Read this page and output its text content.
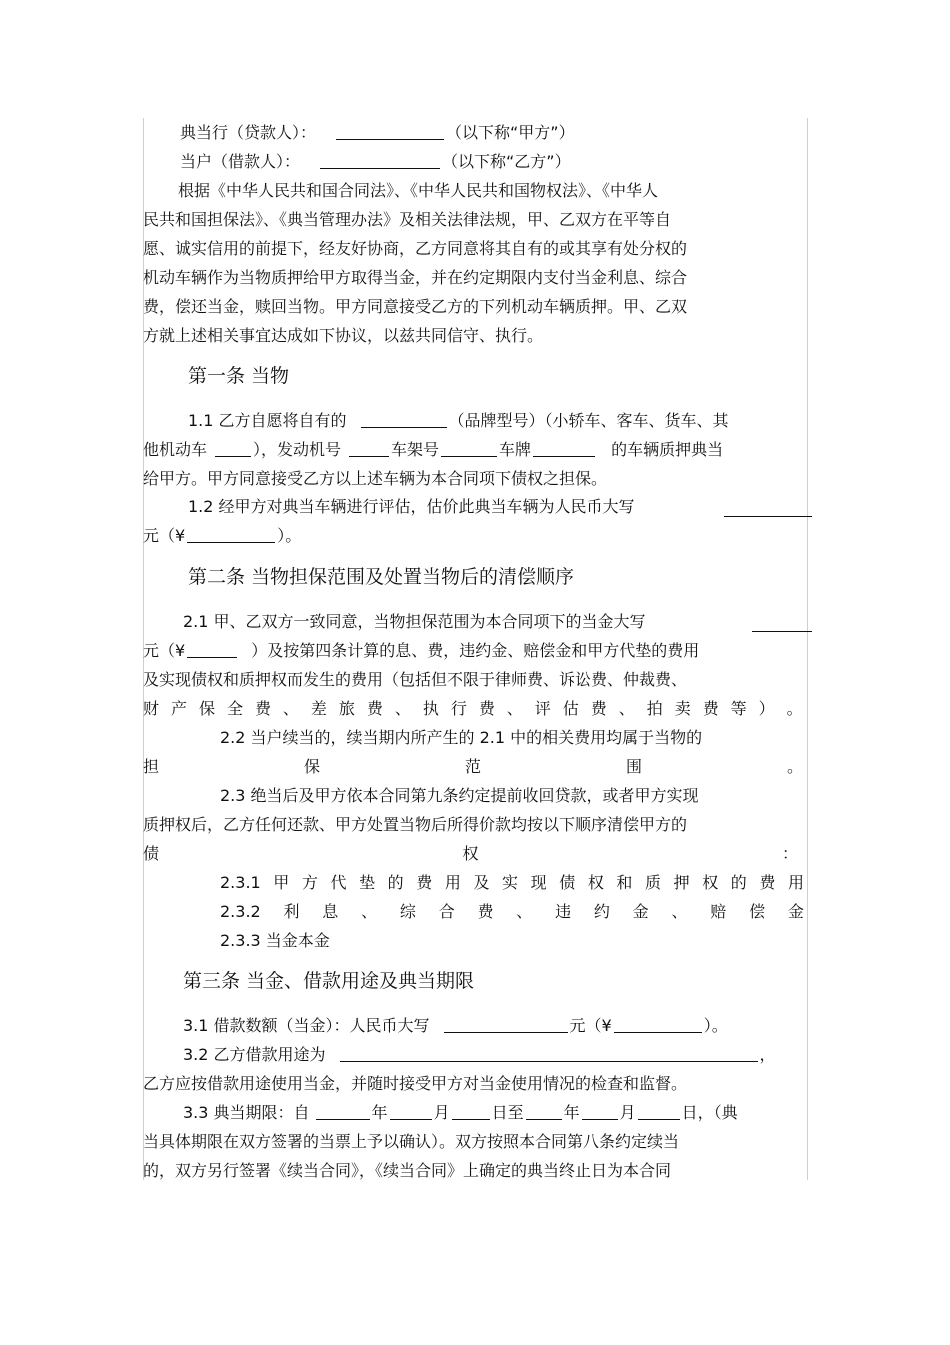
典当行（贷款人）：	（以下称“甲方”）
当户（借款人）：	（以下称“乙方”）
根据《中华人民共和国合同法》、《中华人民共和国物权法》、《中华人
民共和国担保法》、《典当管理办法》及相关法律法规，甲、乙双方在平等自
愿、诚实信用的前提下，经友好协商，乙方同意将其自有的或其享有处分权的
机动车辆作为当物质押给甲方取得当金，并在约定期限内支付当金利息、综合
费，偿还当金，赎回当物。甲方同意接受乙方的下列机动车辆质押。甲、乙双
方就上述相关事宜达成如下协议，以兹共同信守、执行。
第一条 当物
1.1 乙方自愿将自有的	（品牌型号）（小轿车、客车、货车、其
他机动车	），发动机号	车架号	车牌	的车辆质押典当
给甲方。甲方同意接受乙方以上述车辆为本合同项下债权之担保。
1.2 经甲方对典当车辆进行评估，估价此典当车辆为人民币大写
元（¥	）。
第二条 当物担保范围及处置当物后的清偿顺序
2.1 甲、乙双方一致同意，当物担保范围为本合同项下的当金大写
元（¥	）及按第四条计算的息、费，违约金、赔偿金和甲方代垫的费用
及实现债权和质押权而发生的费用（包括但不限于律师费、诉讼费、仲裁费、
财 产 保 全 费 、 差 旅 费 、 执 行 费 、 评 估 费 、 拍 卖 费 等 ） 。
2.2 当户续当的，续当期内所产生的 2.1 中的相关费用均属于当物的
担	保	范	围	。
2.3 绝当后及甲方依本合同第九条约定提前收回贷款，或者甲方实现
质押权后，乙方任何还款、甲方处置当物后所得价款均按以下顺序清偿甲方的
债	权	：
2.3.1 甲 方 代 垫 的 费 用 及 实 现 债 权 和 质 押 权 的 费 用
2.3.2 利 息 、 综 合 费 、 违 约 金 、 赔 偿 金
2.3.3 当金本金
第三条 当金、借款用途及典当期限
3.1 借款数额（当金）：人民币大写	元（¥	）。
3.2 乙方借款用途为	，
乙方应按借款用途使用当金，并随时接受甲方对当金使用情况的检查和监督。
3.3 典当期限：自	年	月	日至	年	月	日，（典
当具体期限在双方签署的当票上予以确认）。双方按照本合同第八条约定续当
的，双方另行签署《续当合同》，《续当合同》上确定的典当终止日为本合同
